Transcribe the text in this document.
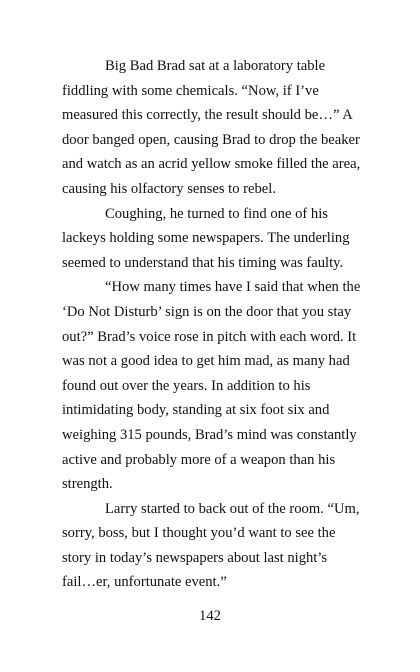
Big Bad Brad sat at a laboratory table
fiddling with some chemicals. “Now, if I’ve
measured this correctly, the result should be…” A
door banged open, causing Brad to drop the beaker
and watch as an acrid yellow smoke filled the area,
causing his olfactory senses to rebel.

Coughing, he turned to find one of his
lackeys holding some newspapers. The underling
seemed to understand that his timing was faulty.

“How many times have I said that when the
‘Do Not Disturb’ sign is on the door that you stay
out?” Brad’s voice rose in pitch with each word. It
was not a good idea to get him mad, as many had
found out over the years. In addition to his
intimidating body, standing at six foot six and
weighing 315 pounds, Brad’s mind was constantly
active and probably more of a weapon than his
strength.

Larry started to back out of the room. “Um,
sorry, boss, but I thought you’d want to see the
story in today’s newspapers about last night’s
fail…er, unfortunate event.”

142
